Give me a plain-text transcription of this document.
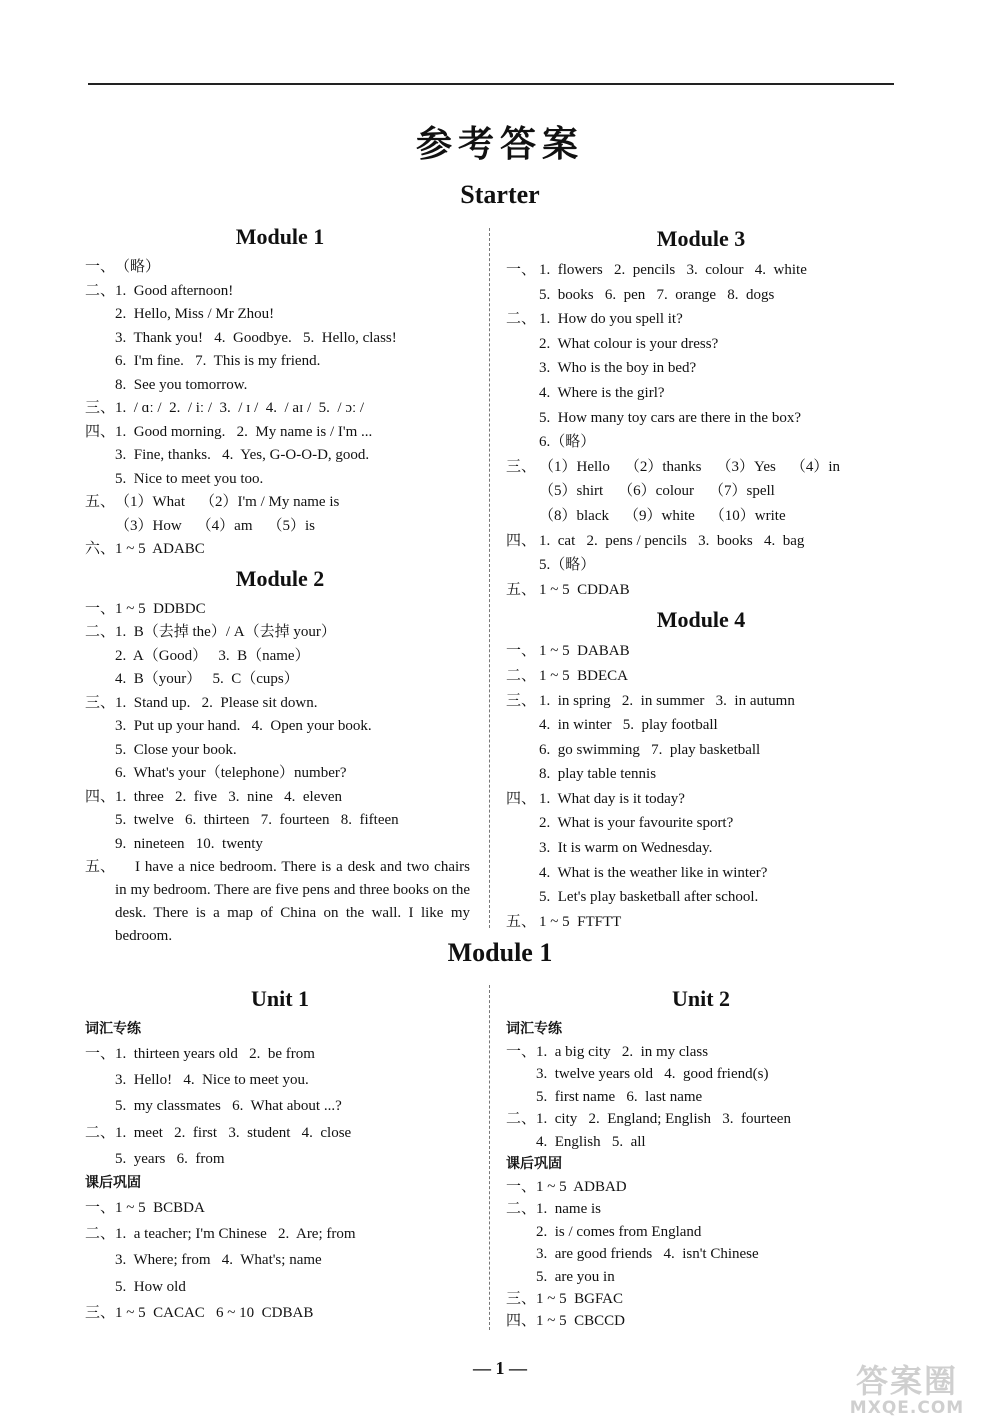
参考答案
Starter
Module 1
一、 （略）
二、 1.  Good afternoon!
2.  Hello, Miss / Mr Zhou!
3.  Thank you!   4.  Goodbye.   5.  Hello, class!
6.  I'm fine.   7.  This is my friend.
8.  See you tomorrow.
三、 1.  / ɑː /  2.  / iː /  3.  / ɪ /  4.  / aɪ /  5.  / ɔː /
四、 1.  Good morning.   2.  My name is / I'm ...
3.  Fine, thanks.   4.  Yes, G-O-O-D, good.
5.  Nice to meet you too.
五、 （1）What    （2）I'm / My name is
（3）How    （4）am    （5）is
六、 1 ~ 5  ADABC
Module 2
一、 1 ~ 5  DDBDC
二、 1.  B（去掉 the）/ A（去掉 your）
2.  A（Good）   3.  B（name）
4.  B（your）   5.  C（cups）
三、 1.  Stand up.   2.  Please sit down.
3.  Put up your hand.   4.  Open your book.
5.  Close your book.
6.  What's your（telephone）number?
四、 1.  three   2.  five   3.  nine   4.  eleven
5.  twelve   6.  thirteen   7.  fourteen   8.  fifteen
9.  nineteen   10.  twenty
五、	I have a nice bedroom. There is a desk and two chairs in my bedroom. There are five pens and three books on the desk. There is a map of China on the wall. I like my bedroom.
Module 3
一、 1.  flowers   2.  pencils   3.  colour   4.  white
5.  books   6.  pen   7.  orange   8.  dogs
二、 1.  How do you spell it?
2.  What colour is your dress?
3.  Who is the boy in bed?
4.  Where is the girl?
5.  How many toy cars are there in the box?
6.（略）
三、 （1）Hello    （2）thanks    （3）Yes    （4）in
（5）shirt    （6）colour    （7）spell
（8）black    （9）white    （10）write
四、 1.  cat   2.  pens / pencils   3.  books   4.  bag
5.（略）
五、 1 ~ 5  CDDAB
Module 4
一、 1 ~ 5  DABAB
二、 1 ~ 5  BDECA
三、 1.  in spring   2.  in summer   3.  in autumn
4.  in winter   5.  play football
6.  go swimming   7.  play basketball
8.  play table tennis
四、 1.  What day is it today?
2.  What is your favourite sport?
3.  It is warm on Wednesday.
4.  What is the weather like in winter?
5.  Let's play basketball after school.
五、 1 ~ 5  FTFTT
Module 1
Unit 1
词汇专练
一、 1.  thirteen years old   2.  be from
3.  Hello!   4.  Nice to meet you.
5.  my classmates   6.  What about ...?
二、 1.  meet   2.  first   3.  student   4.  close
5.  years   6.  from
课后巩固
一、 1 ~ 5  BCBDA
二、 1.  a teacher; I'm Chinese   2.  Are; from
3.  Where; from   4.  What's; name
5.  How old
三、 1 ~ 5  CACAC   6 ~ 10  CDBAB
Unit 2
词汇专练
一、 1.  a big city   2.  in my class
3.  twelve years old   4.  good friend(s)
5.  first name   6.  last name
二、 1.  city   2.  England; English   3.  fourteen
4.  English   5.  all
课后巩固
一、 1 ~ 5  ADBAD
二、 1.  name is
2.  is / comes from England
3.  are good friends   4.  isn't Chinese
5.  are you in
三、 1 ~ 5  BGFAC
四、 1 ~ 5  CBCCD
— 1 —	答案圈
MXQE.COM
